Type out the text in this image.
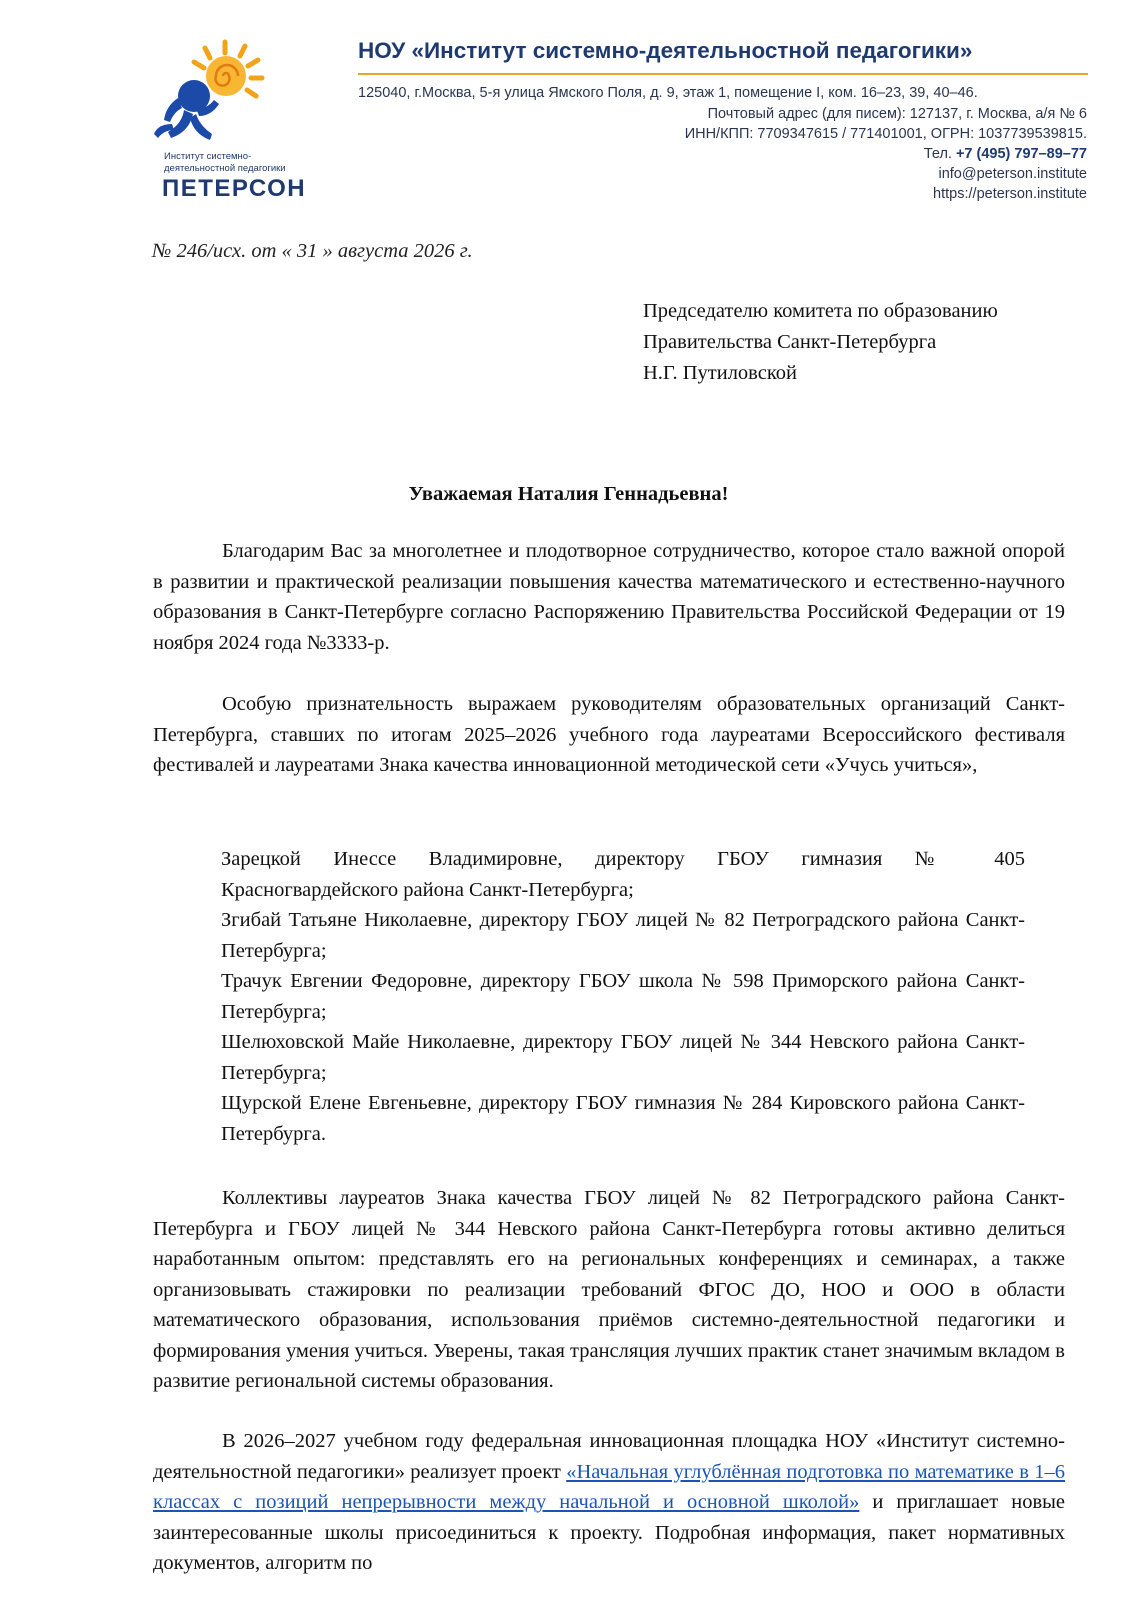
Институт системно-
деятельностной педагогики
ПЕТЕРСОН
НОУ «Институт системно-деятельностной педагогики»
125040, г.Москва, 5-я улица Ямского Поля, д. 9, этаж 1, помещение I, ком. 16–23, 39, 40–46.
Почтовый адрес (для писем): 127137, г. Москва, а/я № 6
ИНН/КПП: 7709347615 / 771401001, ОГРН: 1037739539815.
Тел. +7 (495) 797–89–77
info@peterson.institute
https://peterson.institute
№ 246/исх. от « 31 » августа 2026 г.
Председателю комитета по образованию
Правительства Санкт-Петербурга
Н.Г. Путиловской
Уважаемая Наталия Геннадьевна!
Благодарим Вас за многолетнее и плодотворное сотрудничество, которое стало важной опорой в развитии и практической реализации повышения качества математического и естественно-научного образования в Санкт-Петербурге согласно Распоряжению Правительства Российской Федерации от 19 ноября 2024 года №3333-р.
Особую признательность выражаем руководителям образовательных организаций Санкт-Петербурга, ставших по итогам 2025–2026 учебного года лауреатами Всероссийского фестиваля фестивалей и лауреатами Знака качества инновационной методической сети «Учусь учиться»,
Зарецкой Инессе Владимировне, директору ГБОУ гимназия № 405
Красногвардейского района Санкт-Петербурга;
Згибай Татьяне Николаевне, директору ГБОУ лицей № 82 Петроградского района Санкт-Петербурга;
Трачук Евгении Федоровне, директору ГБОУ школа № 598 Приморского района Санкт-Петербурга;
Шелюховской Майе Николаевне, директору ГБОУ лицей № 344 Невского района Санкт-Петербурга;
Щурской Елене Евгеньевне, директору ГБОУ гимназия № 284 Кировского района Санкт-Петербурга.
Коллективы лауреатов Знака качества ГБОУ лицей № 82 Петроградского района Санкт-Петербурга и ГБОУ лицей № 344 Невского района Санкт-Петербурга готовы активно делиться наработанным опытом: представлять его на региональных конференциях и семинарах, а также организовывать стажировки по реализации требований ФГОС ДО, НОО и ООО в области математического образования, использования приёмов системно-деятельностной педагогики и формирования умения учиться. Уверены, такая трансляция лучших практик станет значимым вкладом в развитие региональной системы образования.
В 2026–2027 учебном году федеральная инновационная площадка НОУ «Институт системно-деятельностной педагогики» реализует проект «Начальная углублённая подготовка по математике в 1–6 классах с позиций непрерывности между начальной и основной школой» и приглашает новые заинтересованные школы присоединиться к проекту. Подробная информация, пакет нормативных документов, алгоритм по
